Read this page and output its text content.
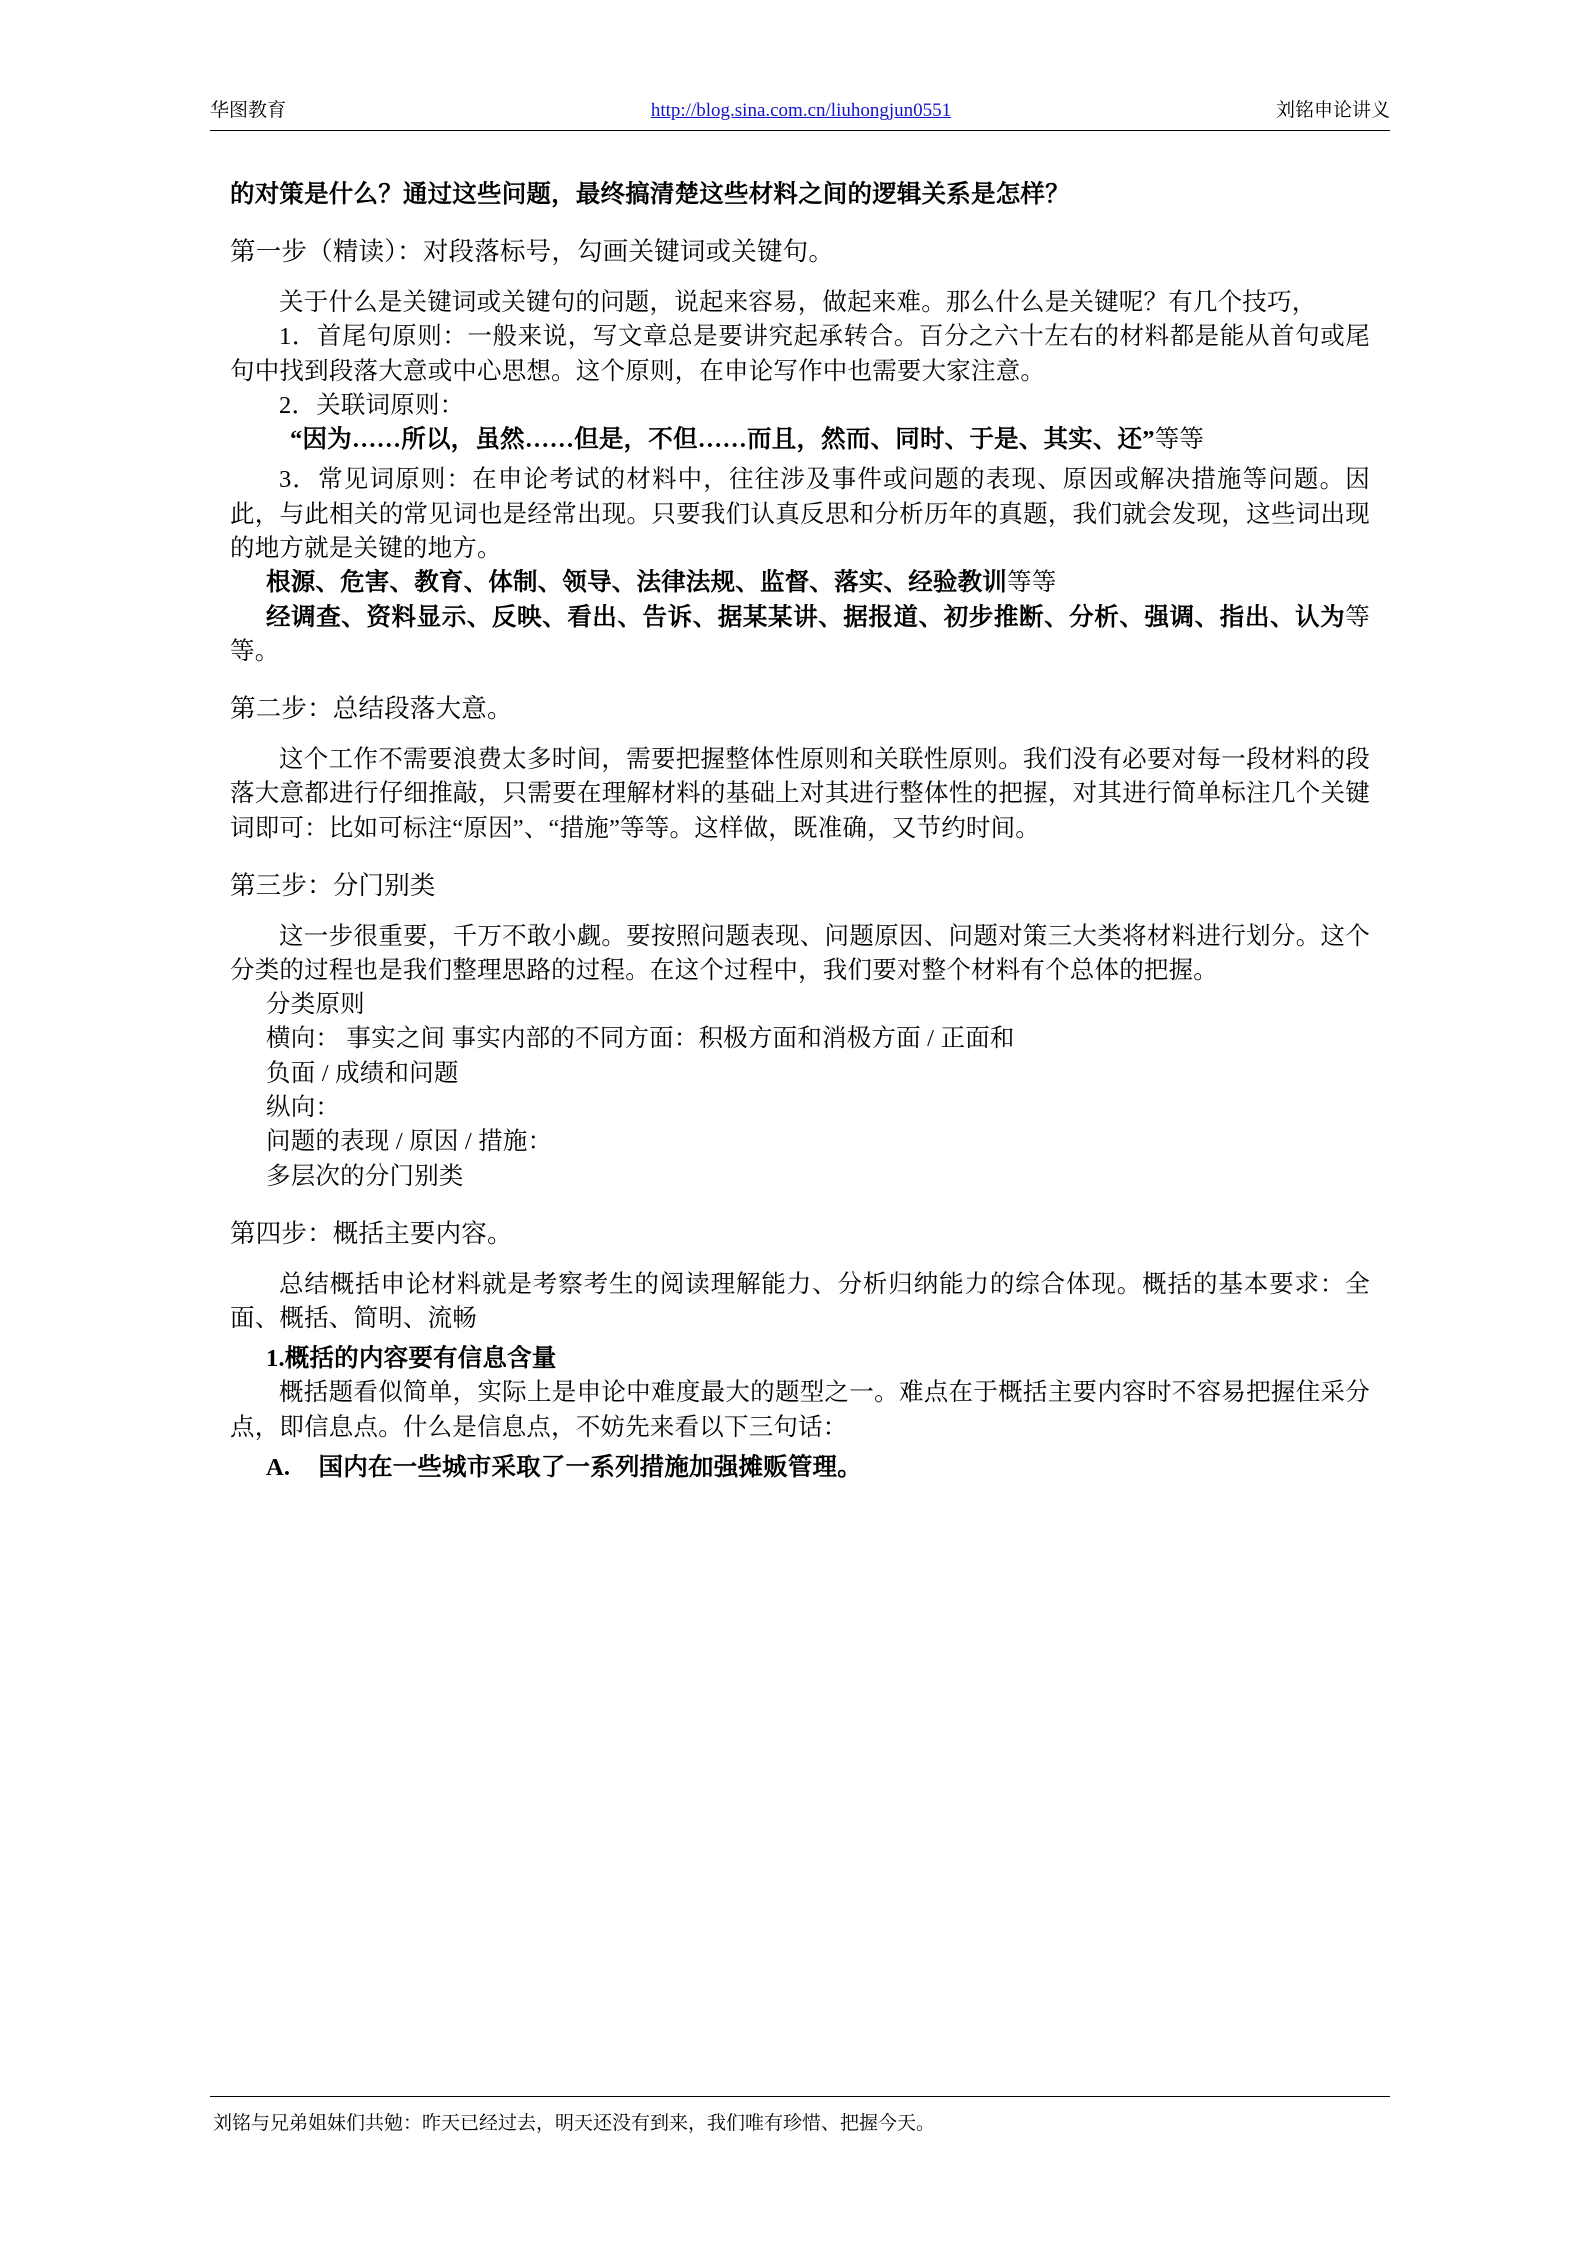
华图教育	http://blog.sina.com.cn/liuhongjun0551	刘铭申论讲义

的对策是什么？通过这些问题，最终搞清楚这些材料之间的逻辑关系是怎样？

第一步（精读）：对段落标号，勾画关键词或关键句。

关于什么是关键词或关键句的问题，说起来容易，做起来难。那么什么是关键呢？有几个技巧，

1．首尾句原则：一般来说，写文章总是要讲究起承转合。百分之六十左右的材料都是能从首句或尾句中找到段落大意或中心思想。这个原则，在申论写作中也需要大家注意。

2．关联词原则：

“因为……所以，虽然……但是，不但……而且，然而、同时、于是、其实、还”等等

3．常见词原则：在申论考试的材料中，往往涉及事件或问题的表现、原因或解决措施等问题。因此，与此相关的常见词也是经常出现。只要我们认真反思和分析历年的真题，我们就会发现，这些词出现的地方就是关键的地方。

根源、危害、教育、体制、领导、法律法规、监督、落实、经验教训等等

经调查、资料显示、反映、看出、告诉、据某某讲、据报道、初步推断、分析、强调、指出、认为等等。

第二步：总结段落大意。

这个工作不需要浪费太多时间，需要把握整体性原则和关联性原则。我们没有必要对每一段材料的段落大意都进行仔细推敲，只需要在理解材料的基础上对其进行整体性的把握，对其进行简单标注几个关键词即可：比如可标注“原因”、“措施”等等。这样做，既准确，又节约时间。

第三步：分门别类

这一步很重要，千万不敢小觑。要按照问题表现、问题原因、问题对策三大类将材料进行划分。这个分类的过程也是我们整理思路的过程。在这个过程中，我们要对整个材料有个总体的把握。

分类原则

横向： 事实之间 事实内部的不同方面：积极方面和消极方面 / 正面和

负面 / 成绩和问题

纵向：

问题的表现 / 原因 / 措施：

多层次的分门别类

第四步：概括主要内容。

总结概括申论材料就是考察考生的阅读理解能力、分析归纳能力的综合体现。概括的基本要求：全面、概括、简明、流畅

1.概括的内容要有信息含量

概括题看似简单，实际上是申论中难度最大的题型之一。难点在于概括主要内容时不容易把握住采分点，即信息点。什么是信息点，不妨先来看以下三句话：

A. 国内在一些城市采取了一系列措施加强摊贩管理。

刘铭与兄弟姐妹们共勉：昨天已经过去，明天还没有到来，我们唯有珍惜、把握今天。
